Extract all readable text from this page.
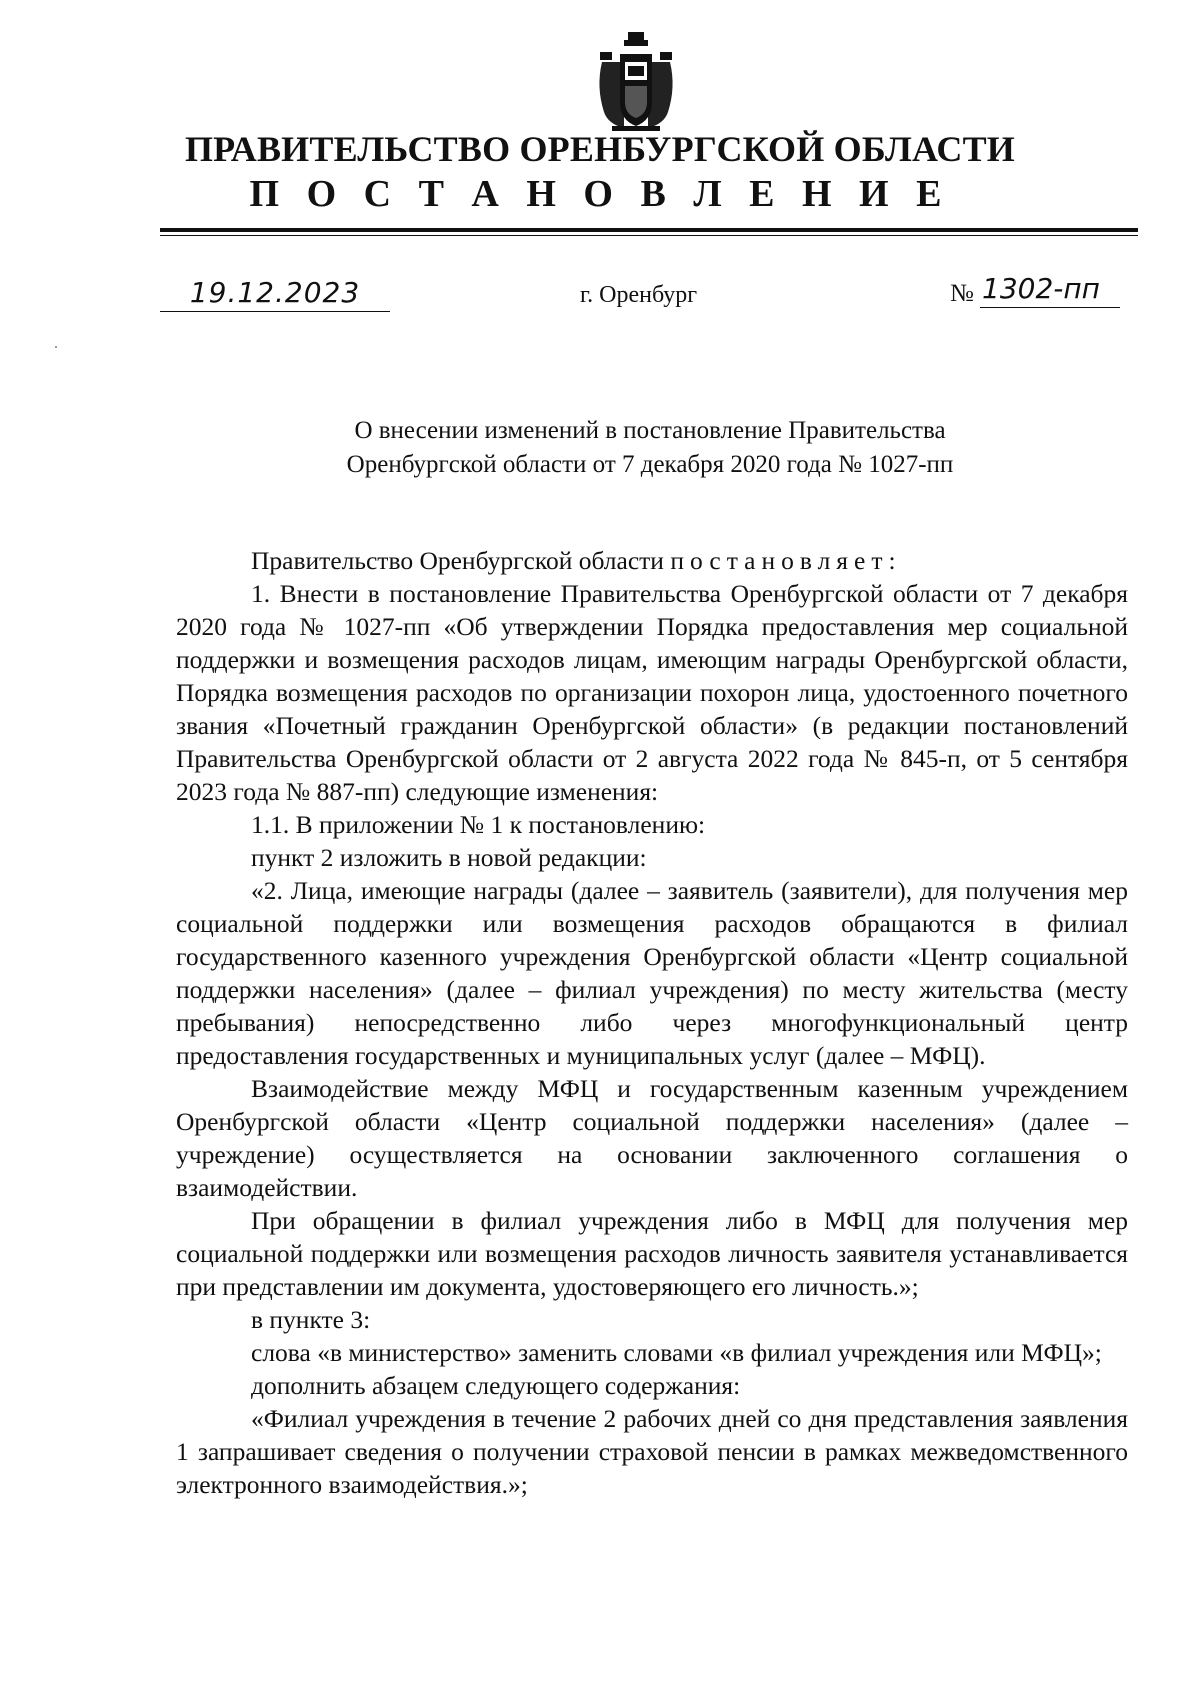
ПРАВИТЕЛЬСТВО ОРЕНБУРГСКОЙ ОБЛАСТИ
П О С Т А Н О В Л Е Н И Е
19.12.2023	г. Оренбург	№ 1302-пп
О внесении изменений в постановление Правительства
Оренбургской области от 7 декабря 2020 года № 1027-пп

Правительство Оренбургской области постановляет:

1. Внести в постановление Правительства Оренбургской области от 7 декабря 2020 года № 1027-пп «Об утверждении Порядка предоставления мер социальной поддержки и возмещения расходов лицам, имеющим награды Оренбургской области, Порядка возмещения расходов по организации похорон лица, удостоенного почетного звания «Почетный гражданин Оренбургской области» (в редакции постановлений Правительства Оренбургской области от 2 августа 2022 года № 845-п, от 5 сентября 2023 года № 887-пп) следующие изменения:

1.1. В приложении № 1 к постановлению:

пункт 2 изложить в новой редакции:

«2. Лица, имеющие награды (далее – заявитель (заявители), для получения мер социальной поддержки или возмещения расходов обращаются в филиал государственного казенного учреждения Оренбургской области «Центр социальной поддержки населения» (далее – филиал учреждения) по месту жительства (месту пребывания) непосредственно либо через многофункциональный центр предоставления государственных и муниципальных услуг (далее – МФЦ).

Взаимодействие между МФЦ и государственным казенным учреждением Оренбургской области «Центр социальной поддержки населения» (далее – учреждение) осуществляется на основании заключенного соглашения о взаимодействии.

При обращении в филиал учреждения либо в МФЦ для получения мер социальной поддержки или возмещения расходов личность заявителя устанавливается при представлении им документа, удостоверяющего его личность.»;

в пункте 3:

слова «в министерство» заменить словами «в филиал учреждения или МФЦ»;

дополнить абзацем следующего содержания:

«Филиал учреждения в течение 2 рабочих дней со дня представления заявления 1 запрашивает сведения о получении страховой пенсии в рамках межведомственного электронного взаимодействия.»;
